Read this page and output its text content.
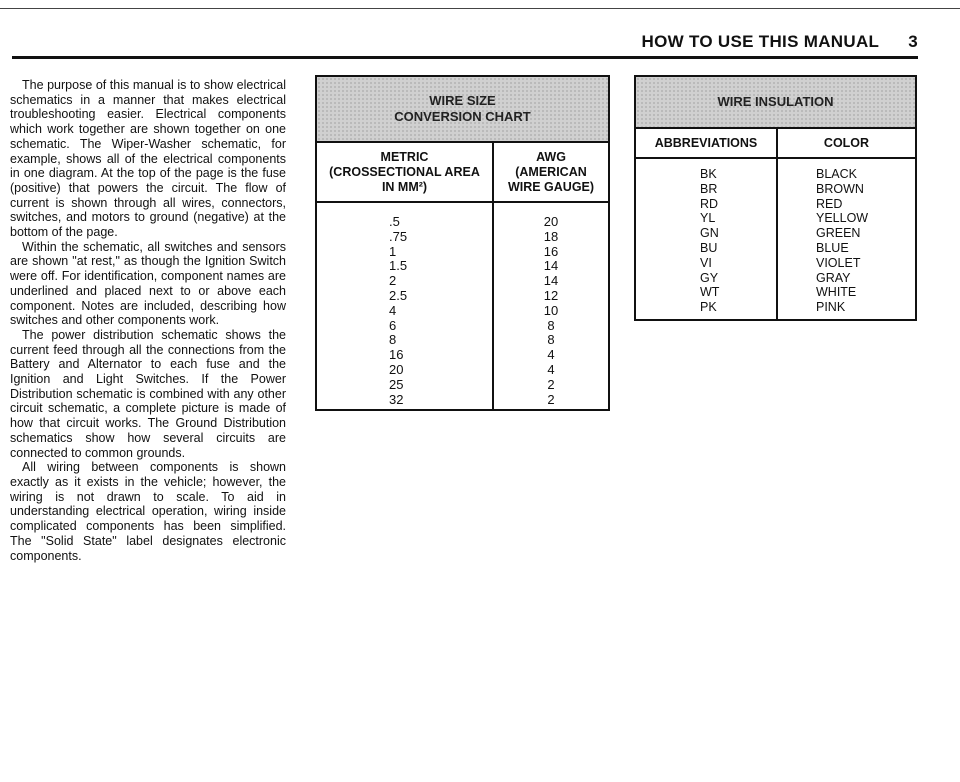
HOW TO USE THIS MANUAL 3

The purpose of this manual is to show electrical schematics in a manner that makes electrical troubleshooting easier. Electrical components which work together are shown together on one schematic. The Wiper-Washer schematic, for example, shows all of the electrical components in one diagram. At the top of the page is the fuse (positive) that powers the circuit. The flow of current is shown through all wires, connectors, switches, and motors to ground (negative) at the bottom of the page.

Within the schematic, all switches and sensors are shown "at rest," as though the Ignition Switch were off. For identification, component names are underlined and placed next to or above each component. Notes are included, describing how switches and other components work.

The power distribution schematic shows the current feed through all the connections from the Battery and Alternator to each fuse and the Ignition and Light Switches. If the Power Distribution schematic is combined with any other circuit schematic, a complete picture is made of how that circuit works. The Ground Distribution schematics show how several circuits are connected to common grounds.

All wiring between components is shown exactly as it exists in the vehicle; however, the wiring is not drawn to scale. To aid in understanding electrical operation, wiring inside complicated components has been simplified. The "Solid State" label designates electronic components.

WIRE SIZE
CONVERSION CHART
METRIC
(CROSSECTIONAL AREA
IN MM²)
.5
.75
1
1.5
2
2.5
4
6
8
16
20
25
32
AWG
(AMERICAN
WIRE GAUGE)
20
18
16
14
14
12
10
8
8
4
4
2
2
WIRE INSULATION
ABBREVIATIONS
BK
BR
RD
YL
GN
BU
VI
GY
WT
PK
COLOR
BLACK
BROWN
RED
YELLOW
GREEN
BLUE
VIOLET
GRAY
WHITE
PINK
